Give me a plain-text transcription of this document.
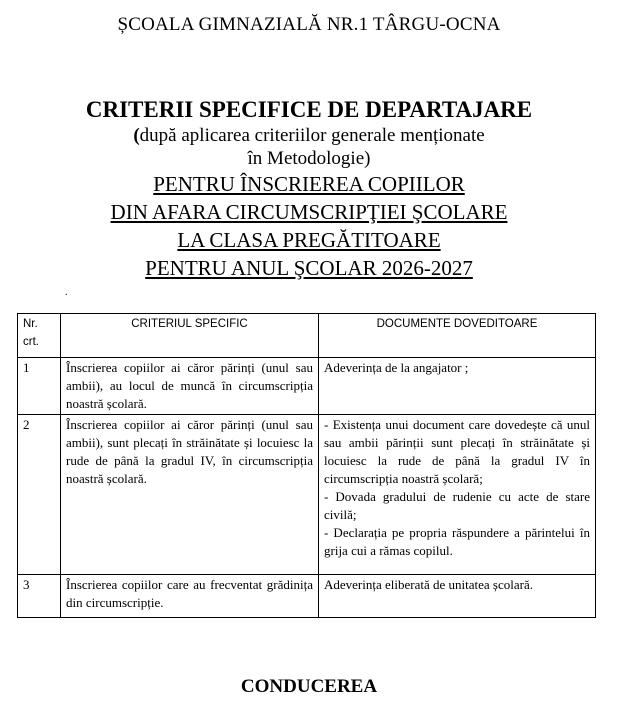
ȘCOALA GIMNAZIALĂ NR.1 TÂRGU-OCNA
CRITERII SPECIFICE DE DEPARTAJARE
(după aplicarea criteriilor generale menționate
în Metodologie)
PENTRU ÎNSCRIEREA COPIILOR
DIN AFARA CIRCUMSCRIPŢIEI ŞCOLARE
LA CLASA PREGĂTITOARE
PENTRU ANUL ŞCOLAR 2026-2027
.
Nr. crt.	CRITERIUL SPECIFIC	DOCUMENTE DOVEDITOARE
1	Înscrierea copiilor ai căror părinți (unul sau ambii), au locul de muncă în circumscripția noastră școlară.	Adeverința de la angajator ;

2	Înscrierea copiilor ai căror părinți (unul sau ambii), sunt plecați în străinătate și locuiesc la rude de până la gradul IV, în circumscripția noastră școlară.	- Existența unui document care dovedește că unul sau ambii părinții sunt plecați în străinătate și locuiesc la rude de până la gradul IV în circumscripția noastră școlară;

- Dovada gradului de rudenie cu acte de stare civilă;

- Declarația pe propria răspundere a părintelui în grija cui a rămas copilul.

3	Înscrierea copiilor care au frecventat grădinița din circumscripție.	Adeverința eliberată de unitatea școlară.

CONDUCEREA
